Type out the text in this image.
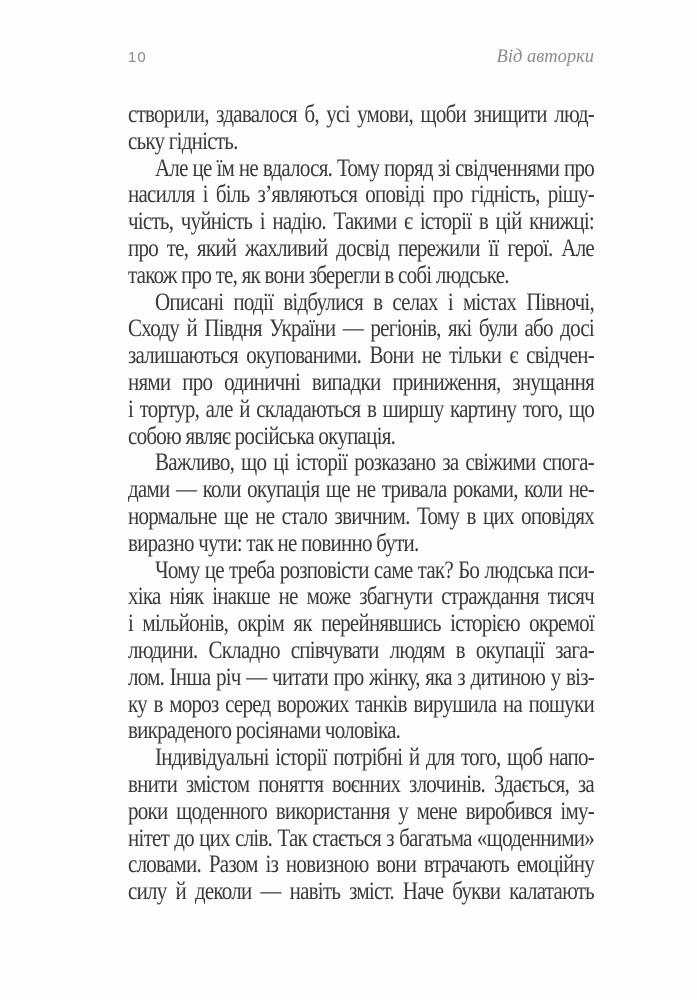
10	Від авторки
створили, здавалося б, усі умови, щоби знищити люд-
ську гідність.
Але це їм не вдалося. Тому поряд зі свідченнями про
насилля і біль з’являються оповіді про гідність, рішу-
чість, чуйність і надію. Такими є історії в цій книжці:
про те, який жахливий досвід пережили її герої. Але
також про те, як вони зберегли в собі людське.
Описані події відбулися в селах і містах Півночі,
Сходу й Півдня України — регіонів, які були або досі
залишаються окупованими. Вони не тільки є свідчен-
нями про одиничні випадки приниження, знущання
і тортур, але й складаються в ширшу картину того, що
собою являє російська окупація.
Важливо, що ці історії розказано за свіжими спога-
дами — коли окупація ще не тривала роками, коли не-
нормальне ще не стало звичним. Тому в цих оповідях
виразно чути: так не повинно бути.
Чому це треба розповісти саме так? Бо людська пси-
хіка ніяк інакше не може збагнути страждання тисяч
і мільйонів, окрім як перейнявшись історією окремої
людини. Складно співчувати людям в окупації зага-
лом. Інша річ — читати про жінку, яка з дитиною у віз-
ку в мороз серед ворожих танків вирушила на пошуки
викраденого росіянами чоловіка.
Індивідуальні історії потрібні й для того, щоб напо-
внити змістом поняття воєнних злочинів. Здається, за
роки щоденного використання у мене виробився іму-
нітет до цих слів. Так стається з багатьма «щоденними»
словами. Разом із новизною вони втрачають емоційну
силу й деколи — навіть зміст. Наче букви калатають
